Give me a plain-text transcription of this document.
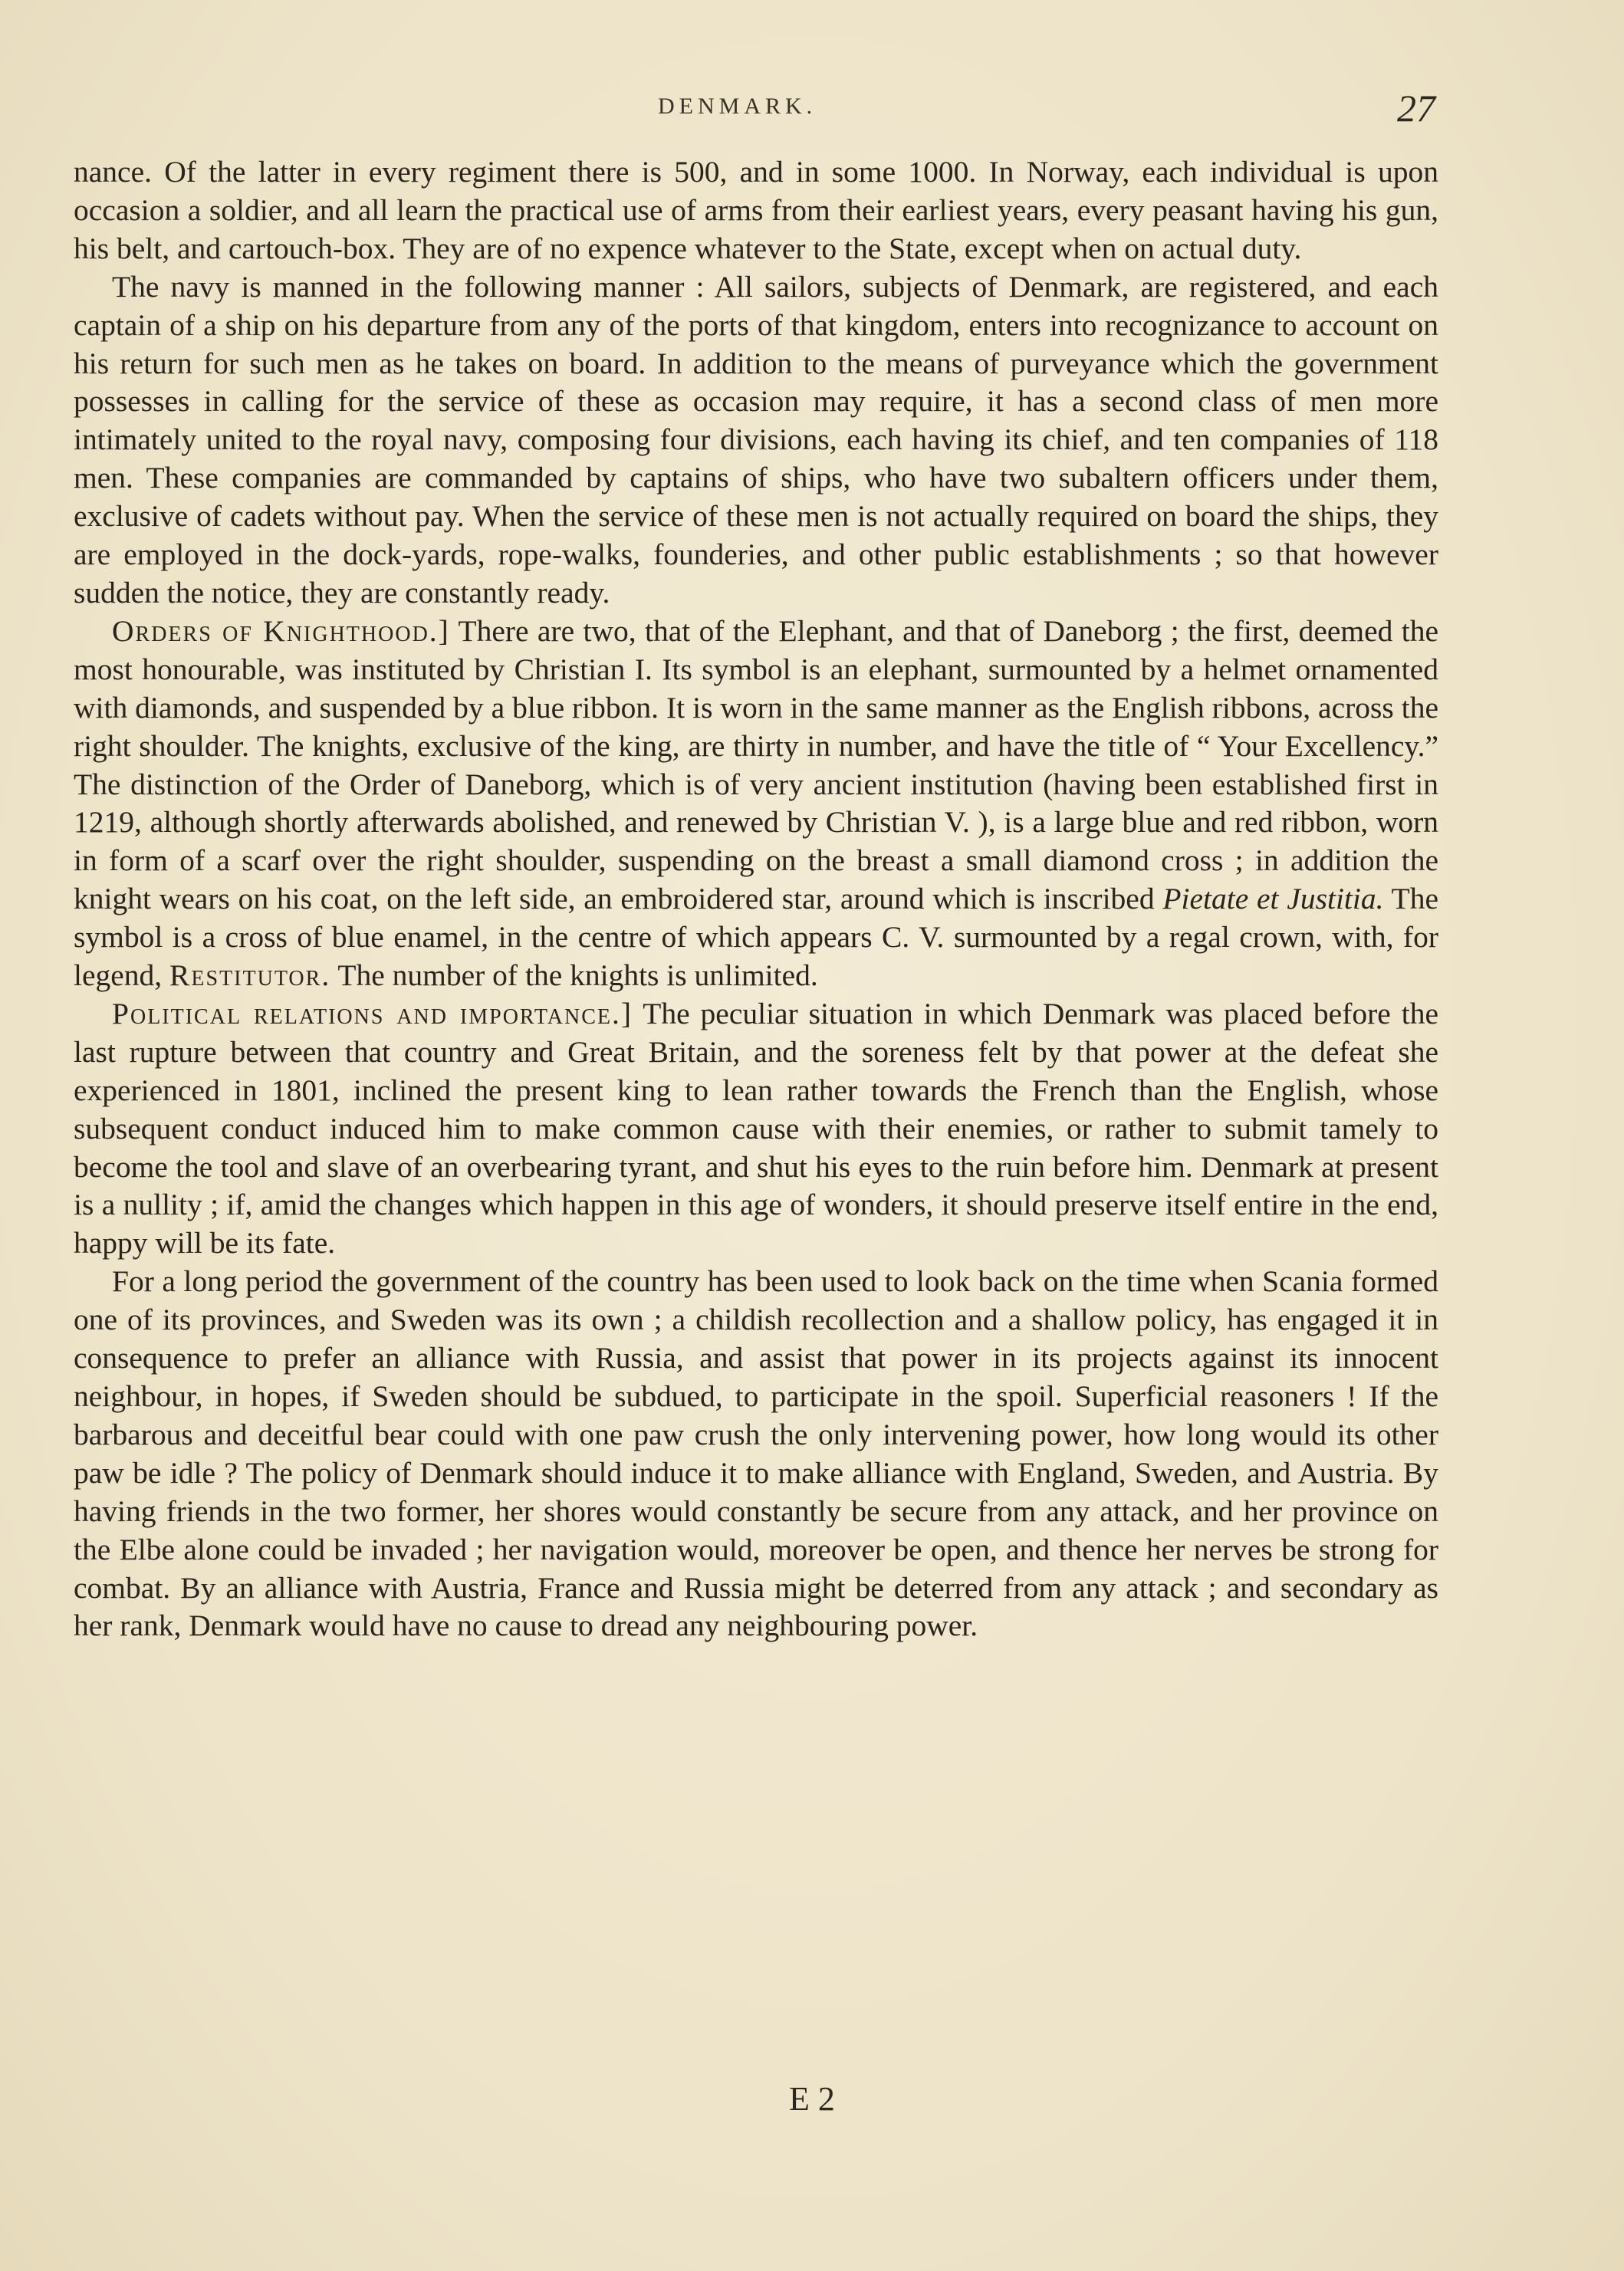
DENMARK.	27

nance. Of the latter in every regiment there is 500, and in some 1000. In Norway, each individual is upon occasion a soldier, and all learn the practical use of arms from their earliest years, every peasant having his gun, his belt, and cartouch-box. They are of no expence whatever to the State, except when on actual duty.

The navy is manned in the following manner : All sailors, subjects of Denmark, are registered, and each captain of a ship on his departure from any of the ports of that kingdom, enters into recognizance to account on his return for such men as he takes on board. In addition to the means of purveyance which the government possesses in calling for the service of these as occasion may require, it has a second class of men more intimately united to the royal navy, composing four divisions, each having its chief, and ten companies of 118 men. These companies are commanded by captains of ships, who have two subaltern officers under them, exclusive of cadets without pay. When the service of these men is not actually required on board the ships, they are employed in the dock-yards, rope-walks, founderies, and other public establishments ; so that however sudden the notice, they are constantly ready.

Orders of Knighthood.] There are two, that of the Elephant, and that of Daneborg ; the first, deemed the most honourable, was instituted by Christian I. Its symbol is an elephant, surmounted by a helmet ornamented with diamonds, and suspended by a blue ribbon. It is worn in the same manner as the English ribbons, across the right shoulder. The knights, exclusive of the king, are thirty in number, and have the title of “ Your Excellency.” The distinction of the Order of Daneborg, which is of very ancient institution (having been established first in 1219, although shortly afterwards abolished, and renewed by Christian V. ), is a large blue and red ribbon, worn in form of a scarf over the right shoulder, suspending on the breast a small diamond cross ; in addition the knight wears on his coat, on the left side, an embroidered star, around which is inscribed Pietate et Justitia. The symbol is a cross of blue enamel, in the centre of which appears C. V. surmounted by a regal crown, with, for legend, Restitutor. The number of the knights is unlimited.

Political relations and importance.] The peculiar situation in which Denmark was placed before the last rupture between that country and Great Britain, and the soreness felt by that power at the defeat she experienced in 1801, inclined the present king to lean rather towards the French than the English, whose subsequent conduct induced him to make common cause with their enemies, or rather to submit tamely to become the tool and slave of an overbearing tyrant, and shut his eyes to the ruin before him. Denmark at present is a nullity ; if, amid the changes which happen in this age of wonders, it should preserve itself entire in the end, happy will be its fate.

For a long period the government of the country has been used to look back on the time when Scania formed one of its provinces, and Sweden was its own ; a childish recollection and a shallow policy, has engaged it in consequence to prefer an alliance with Russia, and assist that power in its projects against its innocent neighbour, in hopes, if Sweden should be subdued, to participate in the spoil. Superficial reasoners ! If the barbarous and deceitful bear could with one paw crush the only intervening power, how long would its other paw be idle ? The policy of Denmark should induce it to make alliance with England, Sweden, and Austria. By having friends in the two former, her shores would constantly be secure from any attack, and her province on the Elbe alone could be invaded ; her navigation would, moreover be open, and thence her nerves be strong for combat. By an alliance with Austria, France and Russia might be deterred from any attack ; and secondary as her rank, Denmark would have no cause to dread any neighbouring power.

E 2
